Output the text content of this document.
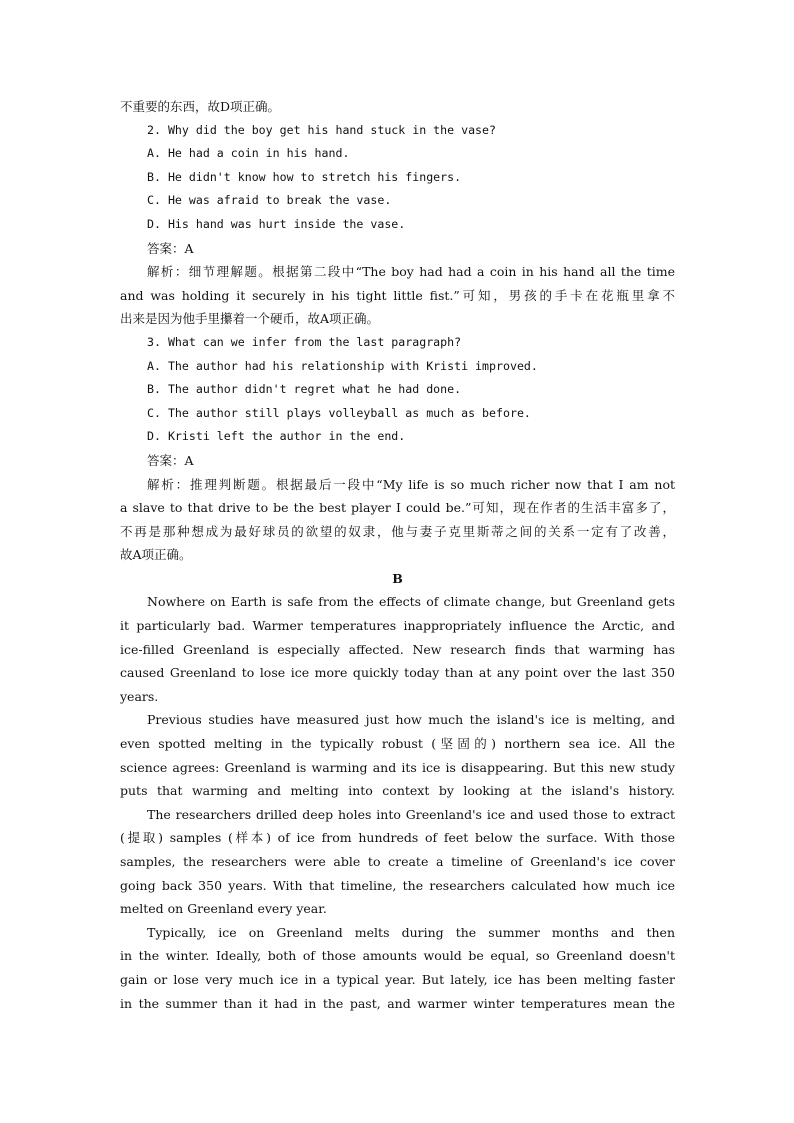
不重要的东西，故D项正确。
2. Why did the boy get his hand stuck in the vase?
A. He had a coin in his hand.
B. He didn't know how to stretch his fingers.
C. He was afraid to break the vase.
D. His hand was hurt inside the vase.
答案：A
解析：细节理解题。根据第二段中“The boy had had a coin in his hand all the time
and was holding it securely in his tight little fist.”可知，男孩的手卡在花瓶里拿不
出来是因为他手里攥着一个硬币，故A项正确。
3. What can we infer from the last paragraph?
A. The author had his relationship with Kristi improved.
B. The author didn't regret what he had done.
C. The author still plays volleyball as much as before.
D. Kristi left the author in the end.
答案：A
解析：推理判断题。根据最后一段中“My life is so much richer now that I am not
a slave to that drive to be the best player I could be.”可知，现在作者的生活丰富多了，
不再是那种想成为最好球员的欲望的奴隶，他与妻子克里斯蒂之间的关系一定有了改善，
故A项正确。
B
Nowhere on Earth is safe from the effects of climate change, but Greenland gets
it particularly bad. Warmer temperatures inappropriately influence the Arctic, and
ice-filled Greenland is especially affected. New research finds that warming has
caused Greenland to lose ice more quickly today than at any point over the last 350
years.
Previous studies have measured just how much the island's ice is melting, and
even spotted melting in the typically robust (坚固的) northern sea ice. All the
science agrees: Greenland is warming and its ice is disappearing. But this new study
puts that warming and melting into context by looking at the island's history.
The researchers drilled deep holes into Greenland's ice and used those to extract
(提取) samples (样本) of ice from hundreds of feet below the surface. With those
samples, the researchers were able to create a timeline of Greenland's ice cover
going back 350 years. With that timeline, the researchers calculated how much ice
melted on Greenland every year.
Typically, ice on Greenland melts during the summer months and then
in the winter. Ideally, both of those amounts would be equal, so Greenland doesn't
gain or lose very much ice in a typical year. But lately, ice has been melting faster
in the summer than it had in the past, and warmer winter temperatures mean the
